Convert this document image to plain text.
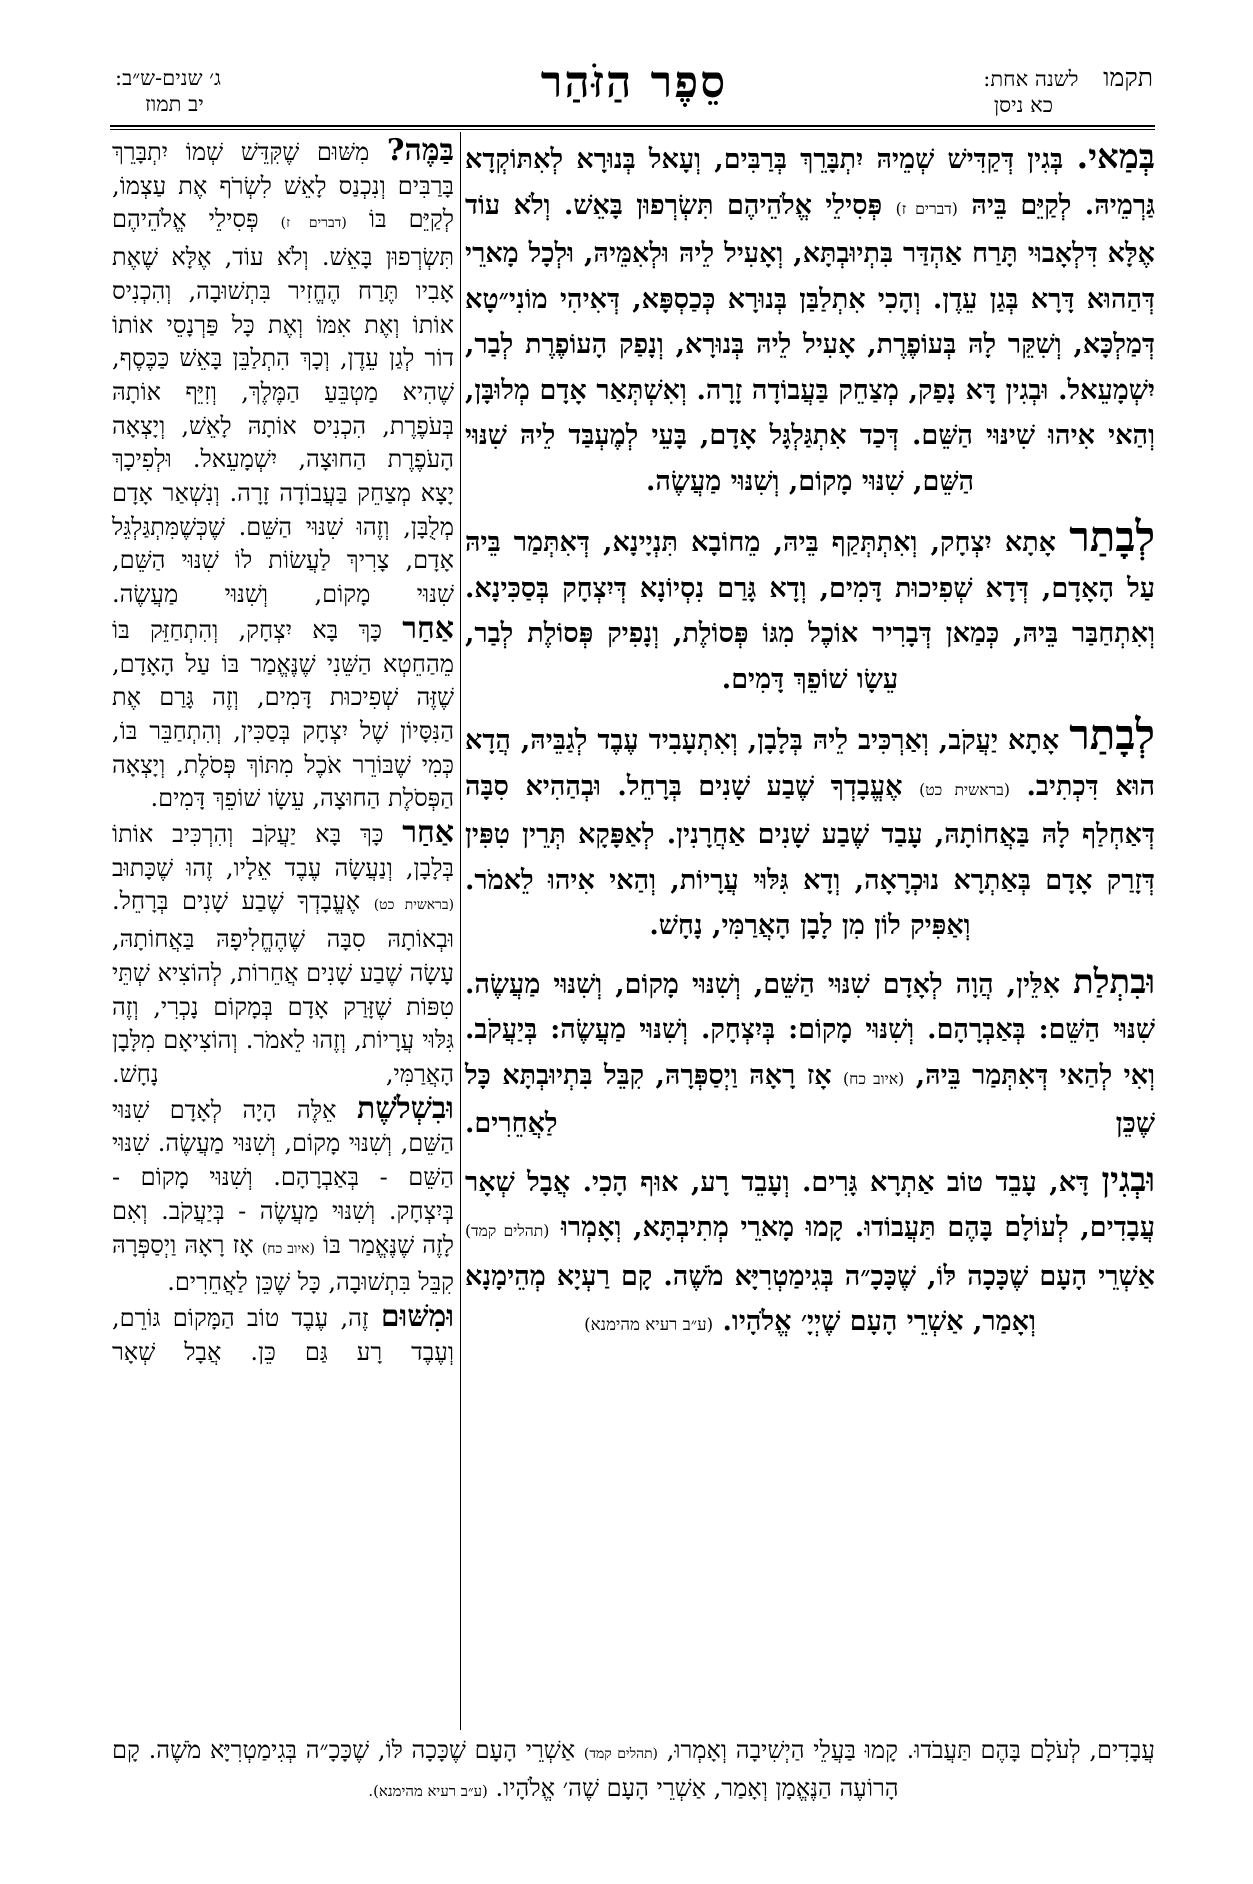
תקמו לשנה אחת:
כא ניסן
סֵפֶר הַזֹּהַר
ג׳ שנים-ש״ב:
יב תמוז

בְּמַאי. בְּגִין דְּקַדִּישׁ שְׁמֵיהּ יִתְבָּרֵךְ בְּרַבִּים, וְעָאל בְּנוּרָא לְאִתּוֹקְדָא גַּרְמֵיהּ. לְקַיֵּם בֵּיהּ (דברים ז) פְּסִילֵי אֱלֹהֵיהֶם תִּשְׂרְפוּן בָּאֵשׁ. וְלֹא עוֹד אֶלָּא דִּלְאָבוּי תָּרַח אַהְדַּר בִּתְיוּבְתָּא, וְאָעִיל לֵיהּ וּלְאִמֵּיהּ, וּלְכָל מָארֵי דְּהַהוּא דָּרָא בְּגַן עֵדֶן. וְהָכִי אִתְלַבַּן בְּנוּרָא כְּכַסְפָּא, דְּאִיהִי מוֹנִי״טָא דְּמַלְכָּא, וְשִׁקֵּר לָהּ בְּעוֹפֶרֶת, אָעִיל לֵיהּ בְּנוּרָא, וְנָפַק הָעוֹפֶרֶת לְבַר, יִשְׁמָעֵאל. וּבְגִין דָּא נָפַק, מְצַחֵק בַּעֲבוֹדָה זָרָה. וְאִשְׁתְּאַר אָדָם מְלוּבָּן, וְהַאי אִיהוּ שִׁינּוּי הַשֵּׁם. דְּכַד אִתְגַּלְגָּל אָדָם, בָּעֵי לְמֶעְבַּד לֵיהּ שִׁנּוּי הַשֵּׁם, שִׁנּוּי מָקוֹם, וְשִׁנּוּי מַעֲשֶׂה.

לְבָתַר אָתָא יִצְחָק, וְאִתְתְּקַף בֵּיהּ, מֵחוֹבָא תִּנְיָינָא, דְּאִתְּמַר בֵּיהּ עַל הָאָדָם, דְּדָא שְׁפִיכוּת דָּמִים, וְדָא גָּרַם נִסְיוֹנָא דְּיִצְחָק בְּסַכִּינָא. וְאִתְחַבַּר בֵּיהּ, כְּמַאן דְּבָרִיר אוֹכֶל מִגּוֹ פְּסוֹלֶת, וְנָפִיק פְּסוֹלֶת לְבַר, עֵשָׂו שׁוֹפֵךְ דָּמִים.

לְבָתַר אָתָא יַעֲקֹב, וְאַרְכִּיב לֵיהּ בְּלָבָן, וְאִתְעָבִיד עֶבֶד לְגַבֵּיהּ, הֲדָא הוּא דִּכְתִיב. (בראשית כט) אֶעֱבָדְךָ שֶׁבַע שָׁנִים בְּרָחֵל. וּבְהַהִיא סִבָּה דְּאַחְלַף לָהּ בַּאֲחוֹתָהּ, עָבַד שֶׁבַע שָׁנִים אַחֲרָנִין. לְאַפָּקָא תְּרֵין טִפִּין דְּזָרַק אָדָם בְּאַתְרָא נוּכְרָאָה, וְדָא גִּלּוּי עֲרָיוֹת, וְהַאי אִיהוּ לֵאמֹר. וְאַפִּיק לוֹן מִן לָבָן הָאֲרַמִּי, נָחָשׁ.

וּבִתְלַת אִלֵּין, הֲוָה לְאָדָם שִׁנּוּי הַשֵּׁם, וְשִׁנּוּי מָקוֹם, וְשִׁנּוּי מַעֲשֶׂה. שִׁנּוּי הַשֵּׁם: בְּאַבְרָהָם. וְשִׁנּוּי מָקוֹם: בְּיִצְחָק. וְשִׁנּוּי מַעֲשֶׂה: בְּיַעֲקֹב. וְאִי לְהַאי דְּאִתְּמַר בֵּיהּ, (איוב כח) אָז רָאָהּ וַיְסַפְּרָהּ, קִבֵּל בִּתְיוּבְתָּא כָּל שֶׁכֵּן לַאֲחֵרִים.

וּבְגִין דָּא, עָבֵד טוֹב אַתְרָא גָּרִים. וְעָבֵד רָע, אוּף הָכִי. אֲבָל שְׁאָר עֲבָדִים, לְעוֹלָם בָּהֶם תַּעֲבוֹדוּ. קָמוּ מָארֵי מְתִיבְתָּא, וְאָמְרוּ (תהלים קמד) אַשְׁרֵי הָעָם שֶׁכָּכָה לּוֹ, שֶׁכָּכָ״ה בְּגִימַטְרִיָּא מֹשֶׁה. קָם רַעְיָא מְהֵימָנָא וְאָמַר, אַשְׁרֵי הָעָם שֶׁיְיָ׳ אֱלֹהָיו. (ע״ב רעיא מהימנא)

בַּמֶּה? מִשּׁוּם שֶׁקִּדֵּשׁ שְׁמוֹ יִתְבָּרֵךְ בָּרַבִּים וְנִכְנַס לָאֵשׁ לִשְׂרֹף אֶת עַצְמוֹ, לְקַיֵּם בּוֹ (דברים ז) פְּסִילֵי אֱלֹהֵיהֶם תִּשְׂרְפוּן בָּאֵשׁ. וְלֹא עוֹד, אֶלָּא שֶׁאֶת אָבִיו תֶּרַח הֶחֱזִיר בִּתְשׁוּבָה, וְהִכְנִיס אוֹתוֹ וְאֶת אִמּוֹ וְאֶת כָּל פַּרְנָסֵי אוֹתוֹ דוֹר לְגַן עֵדֶן, וְכָךְ הִתְלַבֵּן בָּאֵשׁ כַּכֶּסֶף, שֶׁהִיא מַטְבֵּעַ הַמֶּלֶךְ, וְזִיֵּף אוֹתָהּ בְּעֹפֶרֶת, הִכְנִיס אוֹתָהּ לָאֵשׁ, וְיָצְאָה הָעֹפֶרֶת הַחוּצָה, יִשְׁמָעֵאל. וּלְפִיכָךְ יָצָא מְצַחֵק בַּעֲבוֹדָה זָרָה. וְנִשְׁאַר אָדָם מְלֻבָּן, וְזֶהוּ שִׁנּוּי הַשֵּׁם. שֶׁכְּשֶׁמִּתְגַּלְגֵּל אָדָם, צָרִיךְ לַעֲשׂוֹת לוֹ שִׁנּוּי הַשֵּׁם, שִׁנּוּי מָקוֹם, וְשִׁנּוּי מַעֲשֶׂה.

אַחַר כָּךְ בָּא יִצְחָק, וְהִתְחַזֵּק בּוֹ מֵהַחֵטְא הַשֵּׁנִי שֶׁנֶּאֱמַר בּוֹ עַל הָאָדָם, שֶׁזֶּה שְׁפִיכוּת דָּמִים, וְזֶה גָּרַם אֶת הַנִּסָּיוֹן שֶׁל יִצְחָק בְּסַכִּין, וְהִתְחַבֵּר בּוֹ, כְּמִי שֶׁבּוֹרֵר אֹכֶל מִתּוֹךְ פְּסֹלֶת, וְיָצְאָה הַפְּסֹלֶת הַחוּצָה, עֵשָׂו שׁוֹפֵךְ דָּמִים.

אַחַר כָּךְ בָּא יַעֲקֹב וְהִרְכִּיב אוֹתוֹ בְּלָבָן, וְנַעֲשָׂה עֶבֶד אֵלָיו, זֶהוּ שֶׁכָּתוּב (בראשית כט) אֶעֱבָדְךָ שֶׁבַע שָׁנִים בְּרָחֵל. וּבְאוֹתָהּ סִבָּה שֶׁהֶחֱלִיפָהּ בַּאֲחוֹתָהּ, עָשָׂה שֶׁבַע שָׁנִים אֲחֵרוֹת, לְהוֹצִיא שְׁתֵּי טִפּוֹת שֶׁזָּרַק אָדָם בְּמָקוֹם נָכְרִי, וְזֶה גִּלּוּי עֲרָיוֹת, וְזֶהוּ לֵאמֹר. וְהוֹצִיאָם מִלָּבָן הָאֲרַמִּי, נָחָשׁ.

וּבִשְׁלֹשֶׁת אֵלֶּה הָיָה לְאָדָם שִׁנּוּי הַשֵּׁם, וְשִׁנּוּי מָקוֹם, וְשִׁנּוּי מַעֲשֶׂה. שִׁנּוּי הַשֵּׁם - בְּאַבְרָהָם. וְשִׁנּוּי מָקוֹם - בְּיִצְחָק. וְשִׁנּוּי מַעֲשֶׂה - בְּיַעֲקֹב. וְאִם לָזֶה שֶׁנֶּאֱמַר בּוֹ (איוב כח) אָז רָאָהּ וַיְסַפְּרָהּ קִבֵּל בִּתְשׁוּבָה, כָּל שֶׁכֵּן לַאֲחֵרִים.

וּמִשּׁוּם זֶה, עֶבֶד טוֹב הַמָּקוֹם גּוֹרֵם, וְעֶבֶד רָע גַּם כֵּן. אֲבָל שְׁאָר

עֲבָדִים, לְעֹלָם בָּהֶם תַּעֲבֹדוּ. קָמוּ בַּעֲלֵי הַיְשִׁיבָה וְאָמְרוּ, (תהלים קמד) אַשְׁרֵי הָעָם שֶׁכָּכָה לּוֹ, שֶׁכָּכָ״ה בְּגִימַטְרִיָּא מֹשֶׁה. קָם הָרוֹעֶה הַנֶּאֱמָן וְאָמַר, אַשְׁרֵי הָעָם שֶׁה׳ אֱלֹהָיו. (ע״ב רעיא מהימנא).
